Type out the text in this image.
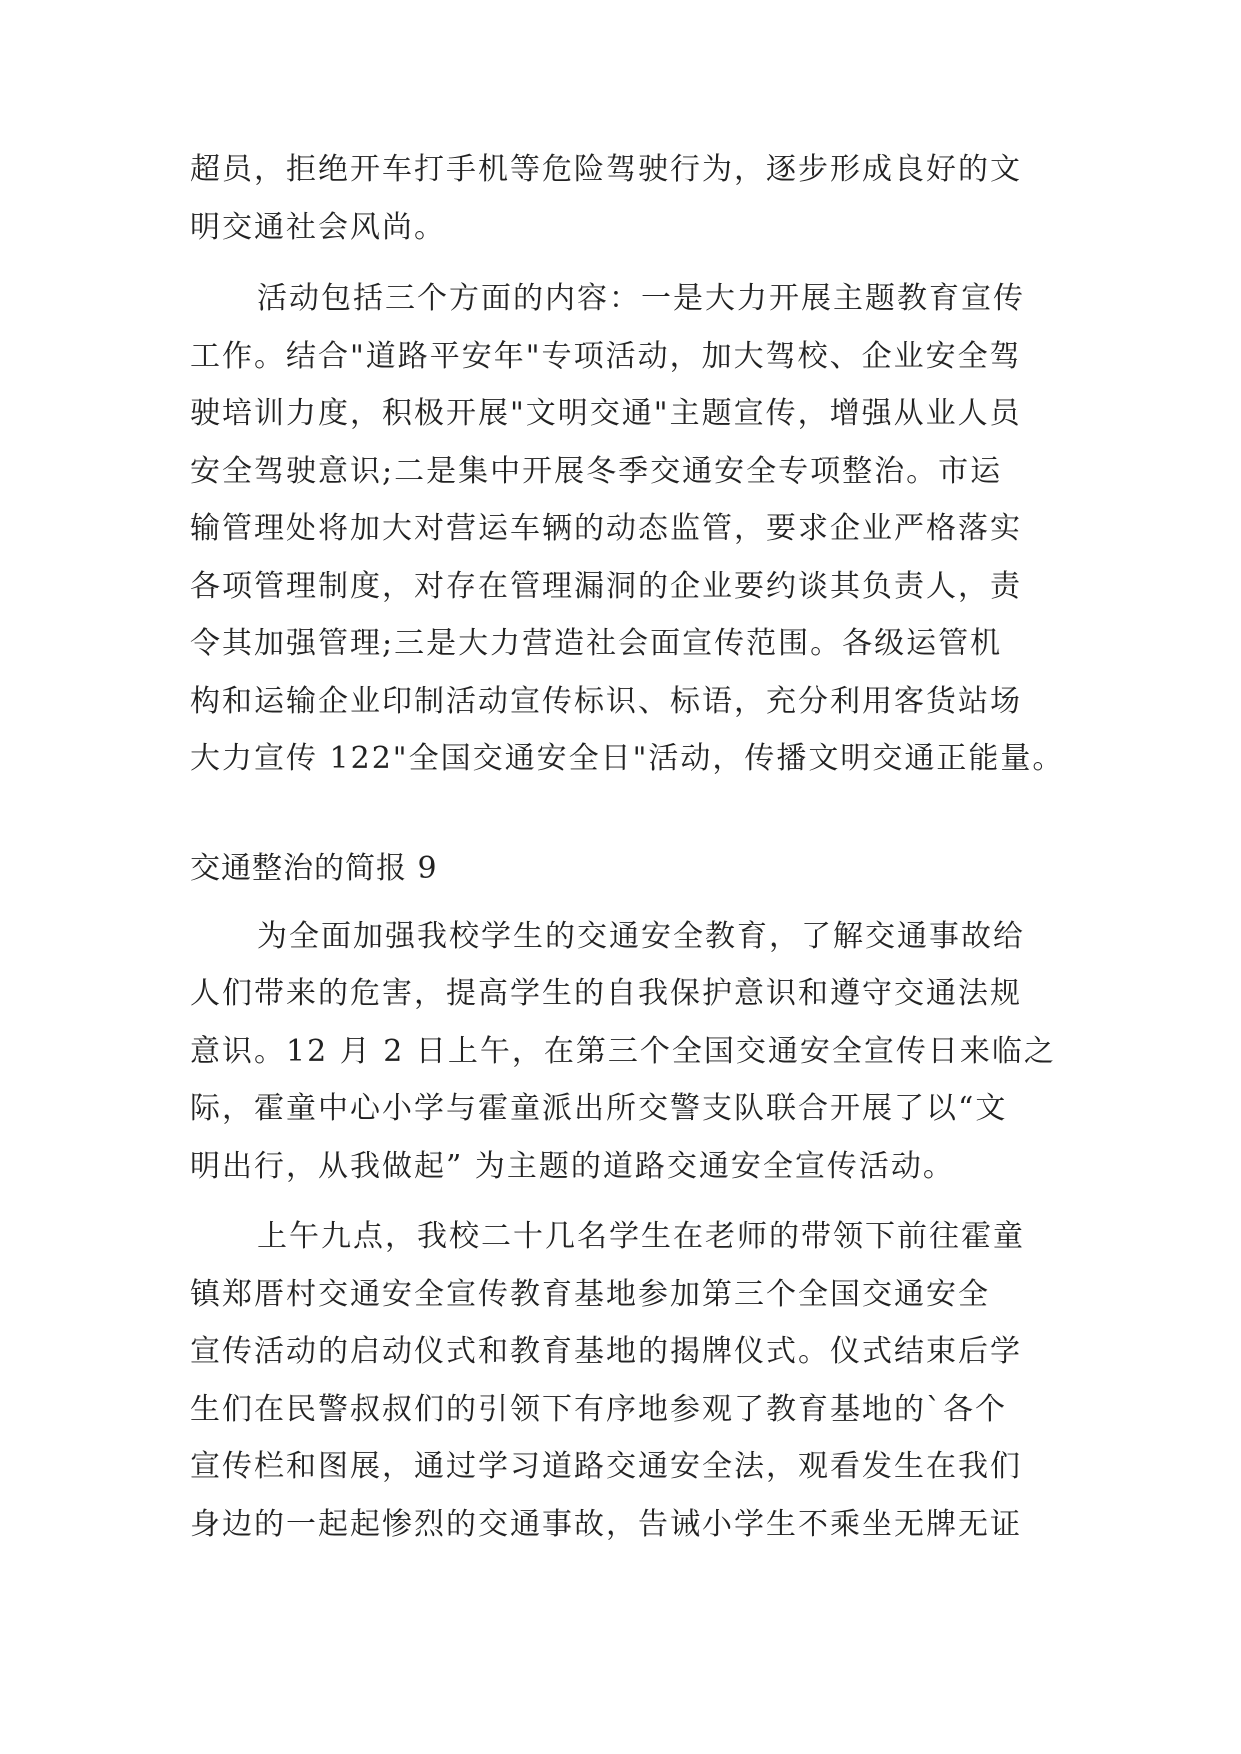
超员，拒绝开车打手机等危险驾驶行为，逐步形成良好的文
明交通社会风尚。
活动包括三个方面的内容：一是大力开展主题教育宣传
工作。结合"道路平安年"专项活动，加大驾校、企业安全驾
驶培训力度，积极开展"文明交通"主题宣传，增强从业人员
安全驾驶意识;二是集中开展冬季交通安全专项整治。市运
输管理处将加大对营运车辆的动态监管，要求企业严格落实
各项管理制度，对存在管理漏洞的企业要约谈其负责人，责
令其加强管理;三是大力营造社会面宣传范围。各级运管机
构和运输企业印制活动宣传标识、标语，充分利用客货站场
大力宣传 122"全国交通安全日"活动，传播文明交通正能量。
交通整治的简报 9
为全面加强我校学生的交通安全教育，了解交通事故给
人们带来的危害，提高学生的自我保护意识和遵守交通法规
意识。12 月 2 日上午，在第三个全国交通安全宣传日来临之
际，霍童中心小学与霍童派出所交警支队联合开展了以“文
明出行，从我做起” 为主题的道路交通安全宣传活动。
上午九点，我校二十几名学生在老师的带领下前往霍童
镇郑厝村交通安全宣传教育基地参加第三个全国交通安全
宣传活动的启动仪式和教育基地的揭牌仪式。仪式结束后学
生们在民警叔叔们的引领下有序地参观了教育基地的`各个
宣传栏和图展，通过学习道路交通安全法，观看发生在我们
身边的一起起惨烈的交通事故，告诫小学生不乘坐无牌无证
